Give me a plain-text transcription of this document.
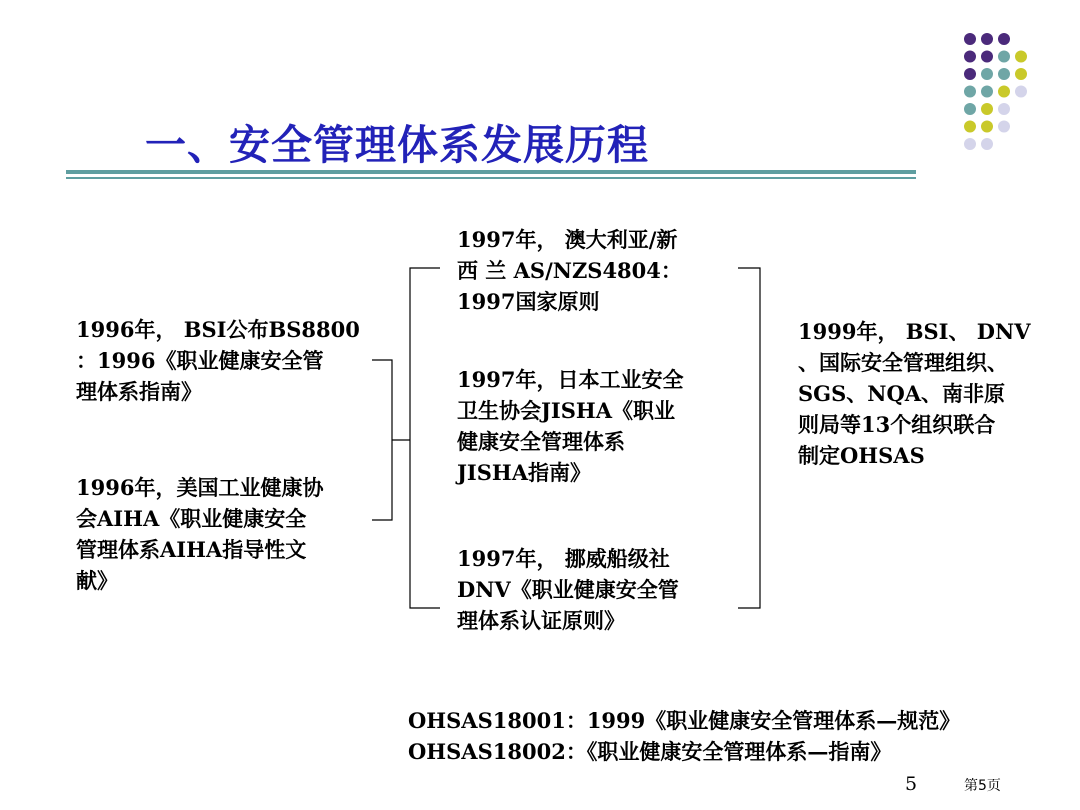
一、安全管理体系发展历程
1996年， BSI公布BS8800
：1996《职业健康安全管
理体系指南》
1996年，美国工业健康协
会AIHA《职业健康安全
管理体系AIHA指导性文
献》
1997年， 澳大利亚/新
西 兰 AS/NZS4804：
1997国家原则
1997年，日本工业安全
卫生协会JISHA《职业
健康安全管理体系
JISHA指南》
1997年， 挪威船级社
DNV《职业健康安全管
理体系认证原则》
1999年， BSI、 DNV
、国际安全管理组织、
SGS、NQA、南非原
则局等13个组织联合
制定OHSAS
OHSAS18001：1999《职业健康安全管理体系—规范》
OHSAS18002：《职业健康安全管理体系—指南》
5	第5页
